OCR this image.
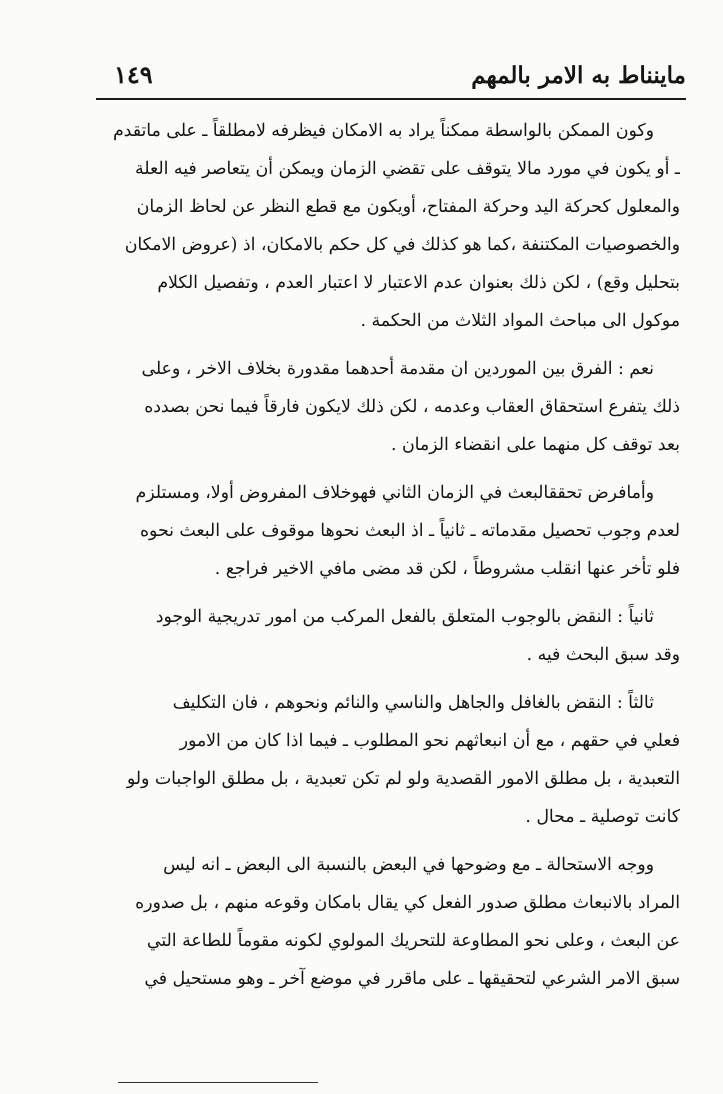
ماينناط به الامر بالمهم
١٤٩

وكون الممكن بالواسطة ممكناً يراد به الامكان فيظرفه لامطلقاً ـ على ماتقدم
ـ أو يكون في مورد مالا يتوقف على تقضي الزمان ويمكن أن يتعاصر فيه العلة
والمعلول كحركة اليد وحركة المفتاح، أويكون مع قطع النظر عن لحاظ الزمان
والخصوصيات المكتنفة ،كما هو كذلك في كل حكم بالامكان، اذ (عروض الامكان
بتحليل وقع) ، لكن ذلك بعنوان عدم الاعتبار لا اعتبار العدم ، وتفصيل الكلام
موكول الى مباحث المواد الثلاث من الحكمة .

نعم : الفرق بين الموردين ان مقدمة أحدهما مقدورة بخلاف الاخر ، وعلى
ذلك يتفرع استحقاق العقاب وعدمه ، لكن ذلك لايكون فارقاً فيما نحن بصدده
بعد توقف كل منهما على انقضاء الزمان .

وأمافرض تحققالبعث في الزمان الثاني فهوخلاف المفروض أولا، ومستلزم
لعدم وجوب تحصيل مقدماته ـ ثانياً ـ اذ البعث نحوها موقوف على البعث نحوه
فلو تأخر عنها انقلب مشروطاً ، لكن قد مضى مافي الاخير فراجع .

ثانياً : النقض بالوجوب المتعلق بالفعل المركب من امور تدريجية الوجود
وقد سبق البحث فيه .

ثالثاً : النقض بالغافل والجاهل والناسي والنائم ونحوهم ، فان التكليف
فعلي في حقهم ، مع أن انبعاثهم نحو المطلوب ـ فيما اذا كان من الامور
التعبدية ، بل مطلق الامور القصدية ولو لم تكن تعبدية ، بل مطلق الواجبات ولو
كانت توصلية ـ محال .

ووجه الاستحالة ـ مع وضوحها في البعض بالنسبة الى البعض ـ انه ليس
المراد بالانبعاث مطلق صدور الفعل كي يقال بامكان وقوعه منهم ، بل صدوره
عن البعث ، وعلى نحو المطاوعة للتحريك المولوي لكونه مقوماً للطاعة التي
سبق الامر الشرعي لتحقيقها ـ على ماقرر في موضع آخر ـ وهو مستحيل في
